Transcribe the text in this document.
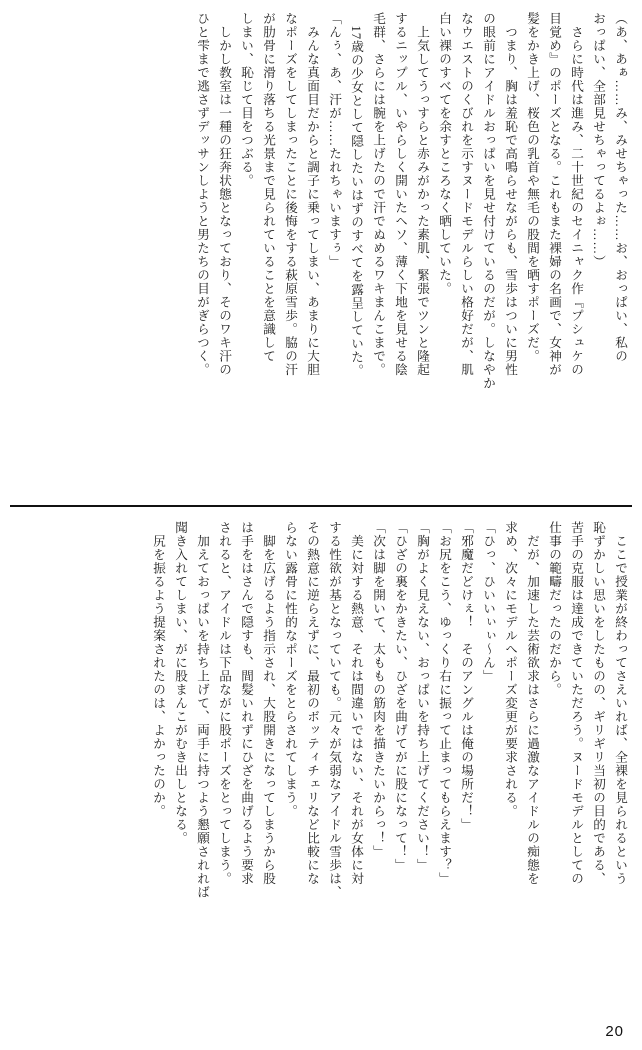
（あ、あぁ……み、みせちゃった……お、おっぱい、私の
おっぱい、全部見せちゃってるよぉ……）
　さらに時代は進み、二十世紀のセイニャク作『プシュケの
目覚め』のポーズとなる。これもまた裸婦の名画で、女神が
髪をかき上げ、桜色の乳首や無毛の股間を晒すポーズだ。
　つまり、胸は羞恥で高鳴らせながらも、雪歩はついに男性
の眼前にアイドルおっぱいを見せ付けているのだが。しなやか
なウエストのくびれを示すヌードモデルらしい格好だが、肌
白い裸のすべてを余すところなく晒していた。
　上気してうっすらと赤みがかった素肌、緊張でツンと隆起
するニップル、いやらしく開いたヘソ、薄く下地を見せる陰
毛群、さらには腕を上げたので汗でぬめるワキまんこまで。
　17歳の少女として隠したいはずのすべてを露呈していた。
「んぅ、あ、汗が……たれちゃいますぅ」
　みんな真面目だからと調子に乗ってしまい、あまりに大胆
なポーズをしてしまったことに後悔をする萩原雪歩。脇の汗
が肋骨に滑り落ちる光景まで見られていることを意識して
しまい、恥じて目をつぶる。
　しかし教室は一種の狂奔状態となっており、そのワキ汗の
ひと雫まで逃さずデッサンしようと男たちの目がぎらつく。
　ここで授業が終わってさえいれば、全裸を見られるという
恥ずかしい思いをしたものの、ギリギリ当初の目的である、
苦手の克服は達成できていただろう。ヌードモデルとしての
仕事の範疇だったのだから。
　だが、加速した芸術欲求はさらに過激なアイドルの痴態を
求め、次々にモデルへポーズ変更が要求される。
「ひっ、ひいいぃぃ～ん」
「邪魔だどけぇ！　そのアングルは俺の場所だ！」
「お尻をこう、ゆっくり右に振って止まってもらえます？」
「胸がよく見えない、おっぱいを持ち上げてください！」
「ひざの裏をかきたい、ひざを曲げてがに股になって！」
「次は脚を開いて、太ももの筋肉を描きたいからっ！」
　美に対する熱意、それは間違いではない、それが女体に対
する性欲が基となっていても。元々が気弱なアイドル雪歩は、
その熱意に逆らえずに、最初のボッティチェリなど比較にな
らない露骨に性的なポーズをとらされてしまう。
　脚を広げるよう指示され、大股開きになってしまうから股
は手をはさんで隠すも、間髪いれずにひざを曲げるよう要求
されると、アイドルは下品ながに股ポーズをとってしまう。
　加えておっぱいを持ち上げて、両手に持つよう懇願されれば
聞き入れてしまい、がに股まんこがむき出しとなる。
　尻を振るよう提案されたのは、よかったのか。
20
